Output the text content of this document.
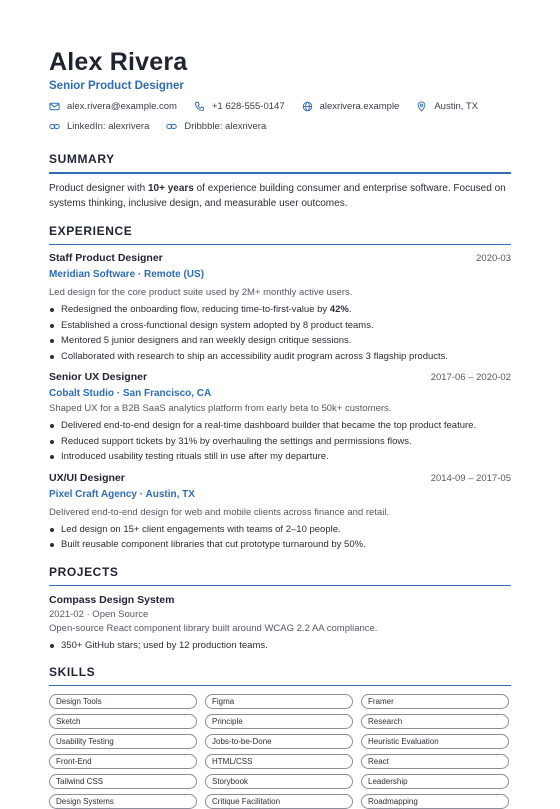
Alex Rivera
Senior Product Designer
alex.rivera@example.com	+1 628-555-0147	alexrivera.example	Austin, TX
LinkedIn: alexrivera	Dribbble: alexrivera
SUMMARY
Product designer with 10+ years of experience building consumer and enterprise software. Focused on systems thinking, inclusive design, and measurable user outcomes.
EXPERIENCE
Staff Product Designer	2020-03
Meridian Software · Remote (US)
Led design for the core product suite used by 2M+ monthly active users.
Redesigned the onboarding flow, reducing time-to-first-value by 42%.
Established a cross-functional design system adopted by 8 product teams.
Mentored 5 junior designers and ran weekly design critique sessions.
Collaborated with research to ship an accessibility audit program across 3 flagship products.
Senior UX Designer	2017-06 – 2020-02
Cobalt Studio · San Francisco, CA
Shaped UX for a B2B SaaS analytics platform from early beta to 50k+ customers.
Delivered end-to-end design for a real-time dashboard builder that became the top product feature.
Reduced support tickets by 31% by overhauling the settings and permissions flows.
Introduced usability testing rituals still in use after my departure.
UX/UI Designer	2014-09 – 2017-05
Pixel Craft Agency · Austin, TX
Delivered end-to-end design for web and mobile clients across finance and retail.
Led design on 15+ client engagements with teams of 2–10 people.
Built reusable component libraries that cut prototype turnaround by 50%.
PROJECTS
Compass Design System
2021-02 · Open Source
Open-source React component library built around WCAG 2.2 AA compliance.
350+ GitHub stars; used by 12 production teams.
SKILLS
Design Tools	Figma	Framer
Sketch	Principle	Research
Usability Testing	Jobs-to-be-Done	Heuristic Evaluation
Front-End	HTML/CSS	React
Tailwind CSS	Storybook	Leadership
Design Systems	Critique Facilitation	Roadmapping
